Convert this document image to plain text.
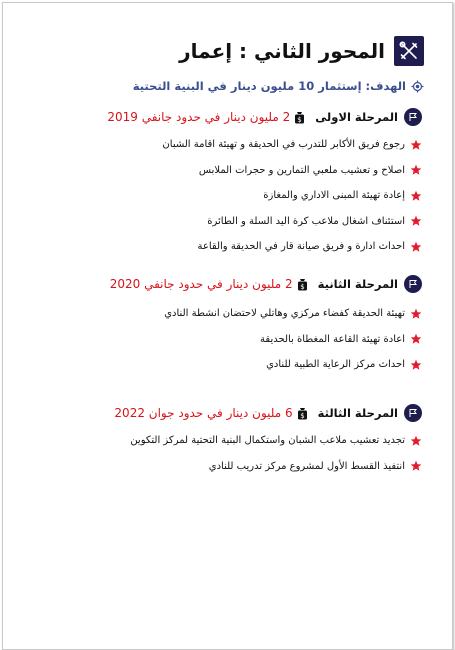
المحور الثاني : إعمار
الهدف: إستثمار 10 مليون دينار في البنية التحتية
المرحلة الاولى
$
2 مليون دينار في حدود جانفي 2019
رجوع فريق الأكابر للتدرب في الحديقة و تهيئة اقامة الشبان
اصلاح و تعشيب ملعبي التمارين و حجرات الملابس
إعادة تهيئة المبنى الاداري والمغازة
استئناف اشغال ملاعب كرة اليد السلة و الطائرة
احداث ادارة و فريق صيانة قار في الحديقة والقاعة
المرحلة الثانية
$
2 مليون دينار في حدود جانفي 2020
تهيئة الحديقة كفضاء مركزي وهاتلي لاحتضان انشطة النادي
اعادة تهيئة القاعة المغطاة بالحديقة
احداث مركز الرعاية الطبية للنادي
المرحلة الثالثة
$
6 مليون دينار في حدود جوان 2022
تجديد تعشيب ملاعب الشبان واستكمال البنية التحتية لمركز التكوين
انتفيذ القسط الأول لمشروع مركز تدريب للنادي
